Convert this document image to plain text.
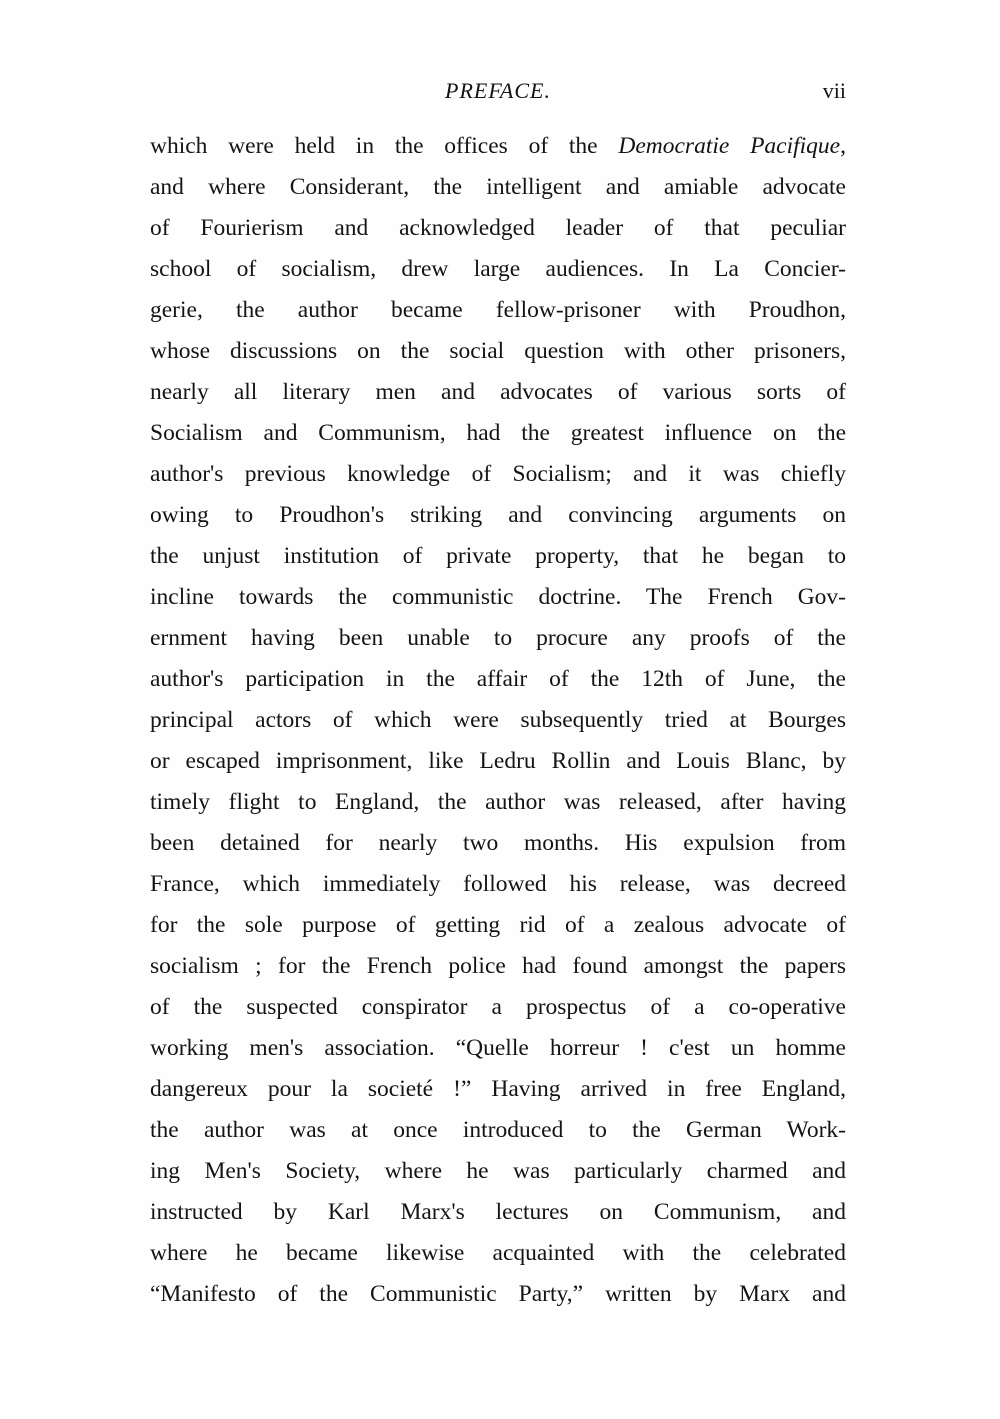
PREFACE.	vii
which were held in the offices of the Democratie Pacifique,
and where Considerant, the intelligent and amiable advocate
of Fourierism and acknowledged leader of that peculiar
school of socialism, drew large audiences. In La Concier-
gerie, the author became fellow-prisoner with Proudhon,
whose discussions on the social question with other prisoners,
nearly all literary men and advocates of various sorts of
Socialism and Communism, had the greatest influence on the
author's previous knowledge of Socialism; and it was chiefly
owing to Proudhon's striking and convincing arguments on
the unjust institution of private property, that he began to
incline towards the communistic doctrine. The French Gov-
ernment having been unable to procure any proofs of the
author's participation in the affair of the 12th of June, the
principal actors of which were subsequently tried at Bourges
or escaped imprisonment, like Ledru Rollin and Louis Blanc, by
timely flight to England, the author was released, after having
been detained for nearly two months. His expulsion from
France, which immediately followed his release, was decreed
for the sole purpose of getting rid of a zealous advocate of
socialism ; for the French police had found amongst the papers
of the suspected conspirator a prospectus of a co-operative
working men's association. “Quelle horreur ! c'est un homme
dangereux pour la societé !” Having arrived in free England,
the author was at once introduced to the German Work-
ing Men's Society, where he was particularly charmed and
instructed by Karl Marx's lectures on Communism, and
where he became likewise acquainted with the celebrated
“Manifesto of the Communistic Party,” written by Marx and
